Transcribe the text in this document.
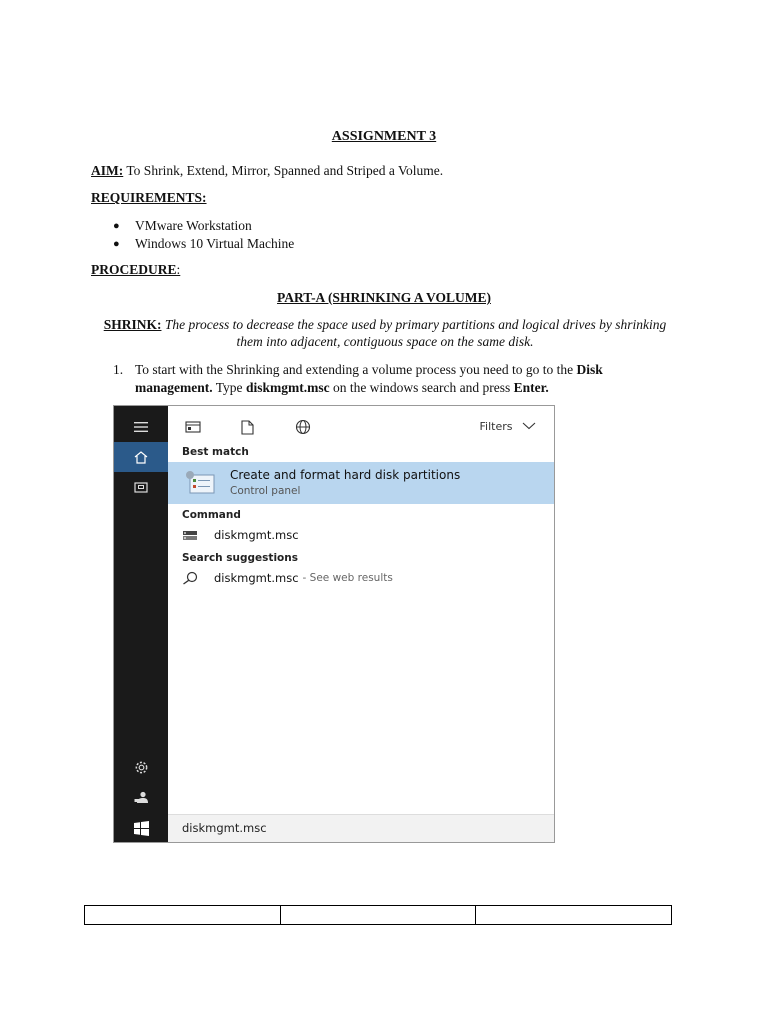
ASSIGNMENT 3
AIM: To Shrink, Extend, Mirror, Spanned and Striped a Volume.
REQUIREMENTS:
● VMware Workstation
● Windows 10 Virtual Machine
PROCEDURE:
PART-A (SHRINKING A VOLUME)
SHRINK: The process to decrease the space used by primary partitions and logical drives by shrinking them into adjacent, contiguous space on the same disk.
1. To start with the Shrinking and extending a volume process you need to go to the Disk management. Type diskmgmt.msc on the windows search and press Enter.
Filters
Best match
Create and format hard disk partitions
Control panel
Command
diskmgmt.msc
Search suggestions
diskmgmt.msc - See web results
diskmgmt.msc
